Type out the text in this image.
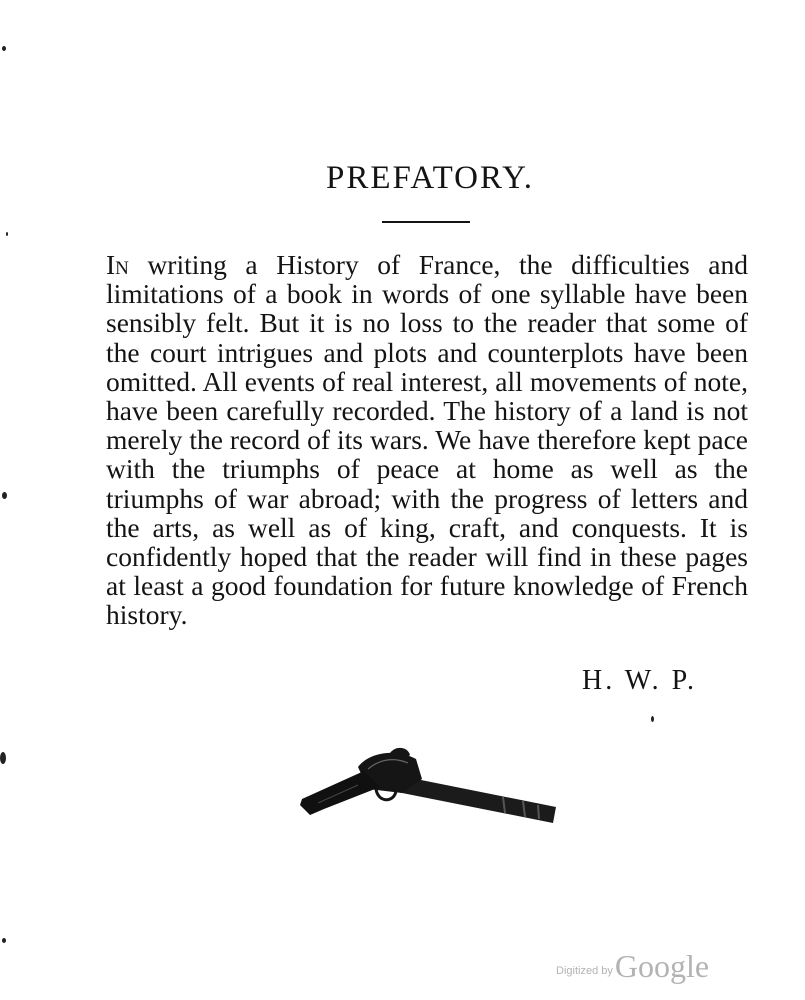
PREFATORY.

In writing a History of France, the difficulties and limitations of a book in words of one syllable have been sensibly felt. But it is no loss to the reader that some of the court intrigues and plots and counterplots have been omitted. All events of real interest, all movements of note, have been carefully recorded. The history of a land is not merely the record of its wars. We have therefore kept pace with the triumphs of peace at home as well as the triumphs of war abroad; with the progress of letters and the arts, as well as of king, craft, and conquests. It is confidently hoped that the reader will find in these pages at least a good foundation for future knowledge of French history.

H. W. P.

Digitized byGoogle
